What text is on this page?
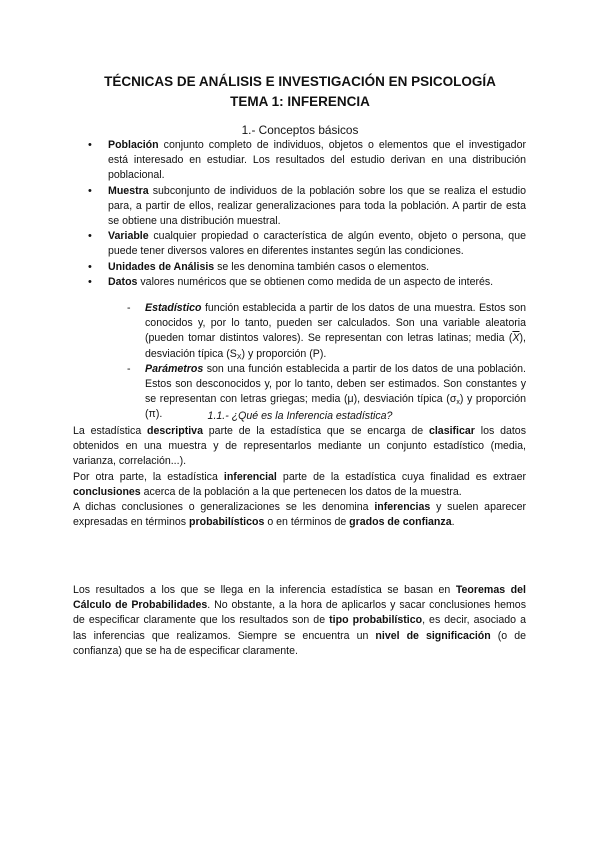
TÉCNICAS DE ANÁLISIS E INVESTIGACIÓN EN PSICOLOGÍA
TEMA 1: INFERENCIA
1.- Conceptos básicos
• Población conjunto completo de individuos, objetos o elementos que el investigador está interesado en estudiar. Los resultados del estudio derivan en una distribución poblacional.
• Muestra subconjunto de individuos de la población sobre los que se realiza el estudio para, a partir de ellos, realizar generalizaciones para toda la población. A partir de esta se obtiene una distribución muestral.
• Variable cualquier propiedad o característica de algún evento, objeto o persona, que puede tener diversos valores en diferentes instantes según las condiciones.
• Unidades de Análisis se les denomina también casos o elementos.
• Datos valores numéricos que se obtienen como medida de un aspecto de interés.
- Estadístico función establecida a partir de los datos de una muestra. Estos son conocidos y, por lo tanto, pueden ser calculados. Son una variable aleatoria (pueden tomar distintos valores). Se representan con letras latinas; media $(\overline{X})$, desviación típica $(S_X)$ y proporción (P).
- Parámetros son una función establecida a partir de los datos de una población. Estos son desconocidos y, por lo tanto, deben ser estimados. Son constantes y se representan con letras griegas; media (μ), desviación típica $(\sigma_x)$ y proporción (π).	1.1.- ¿Qué es la Inferencia estadística?

La estadística descriptiva parte de la estadística que se encarga de clasificar los datos obtenidos en una muestra y de representarlos mediante un conjunto estadístico (media, varianza, correlación...).
Por otra parte, la estadística inferencial parte de la estadística cuya finalidad es extraer conclusiones acerca de la población a la que pertenecen los datos de la muestra.

A dichas conclusiones o generalizaciones se les denomina inferencias y suelen aparecer expresadas en términos probabilísticos o en términos de grados de confianza.

Los resultados a los que se llega en la inferencia estadística se basan en Teoremas del Cálculo de Probabilidades. No obstante, a la hora de aplicarlos y sacar conclusiones hemos de especificar claramente que los resultados son de tipo probabilístico, es decir, asociado a las inferencias que realizamos. Siempre se encuentra un nivel de significación (o de confianza) que se ha de especificar claramente.
